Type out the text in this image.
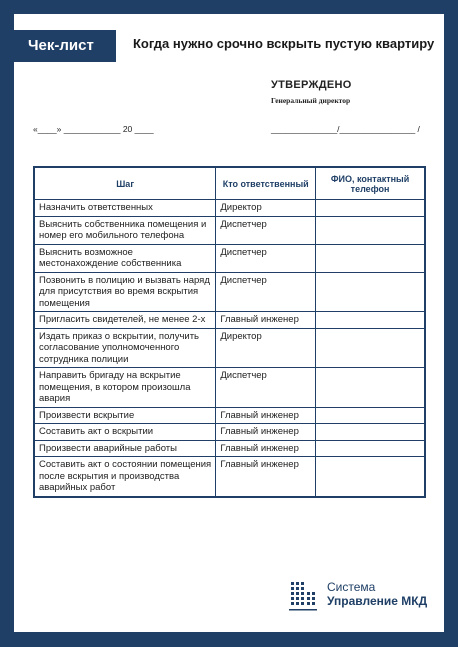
Чек-лист	Когда нужно срочно вскрыть пустую квартиру
УТВЕРЖДЕНО
Генеральный директор
«____» ____________ 20 ____	______________/________________ /
Шаг	Кто ответственный	ФИО, контактный телефон
Назначить ответственных	Директор	
Выяснить собственника помещения и номер его мобильного телефона	Диспетчер	
Выяснить возможное местонахождение собственника	Диспетчер	
Позвонить в полицию и вызвать наряд для присутствия во время вскрытия помещения	Диспетчер	
Пригласить свидетелей, не менее 2-х	Главный инженер	
Издать приказ о вскрытии, получить согласование уполномоченного сотрудника полиции	Директор	
Направить бригаду на вскрытие помещения, в котором произошла авария	Диспетчер	
Произвести вскрытие	Главный инженер	
Составить акт о вскрытии	Главный инженер	
Произвести аварийные работы	Главный инженер	
Составить акт о состоянии помещения после вскрытия и производства аварийных работ	Главный инженер	
Система
Управление МКД
